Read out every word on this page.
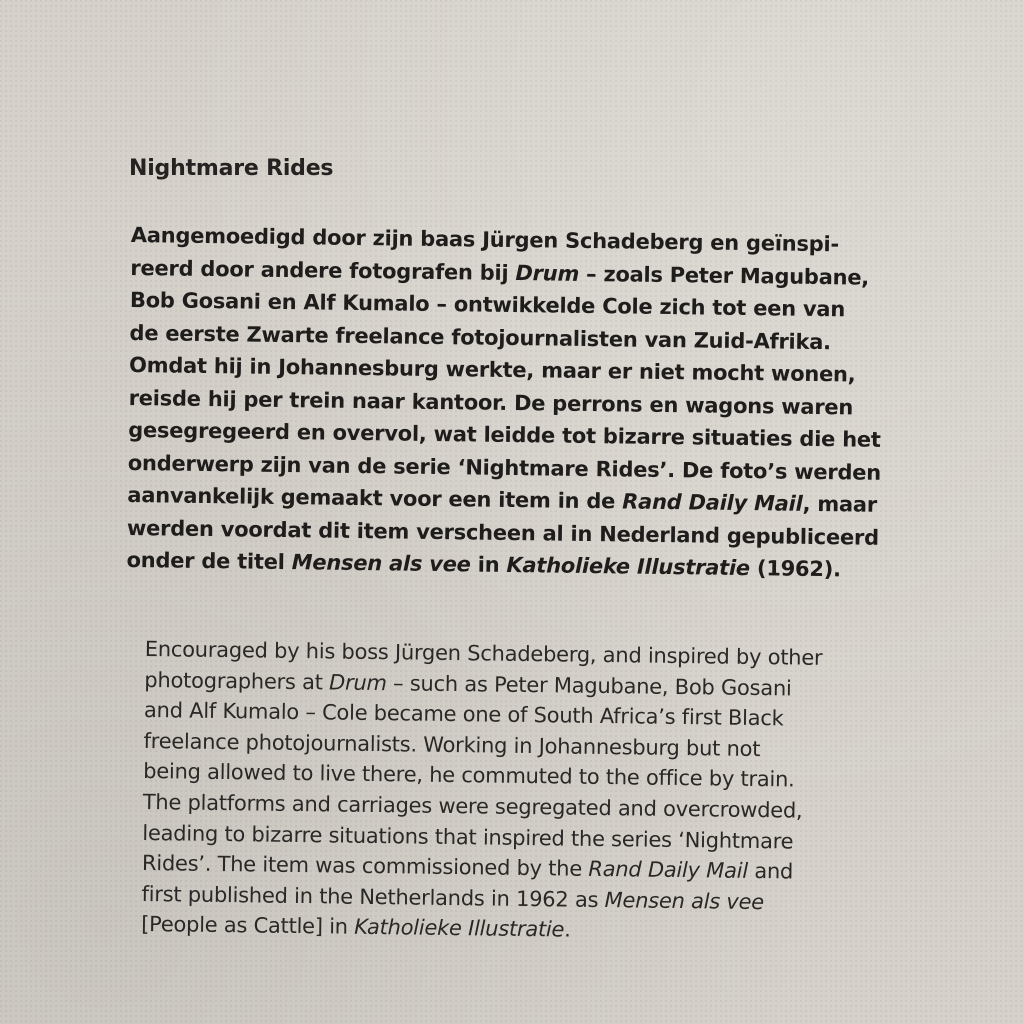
Nightmare Rides
Aangemoedigd door zijn baas Jürgen Schadeberg en geïnspi-
reerd door andere fotografen bij Drum – zoals Peter Magubane,
Bob Gosani en Alf Kumalo – ontwikkelde Cole zich tot een van
de eerste Zwarte freelance fotojournalisten van Zuid-Afrika.
Omdat hij in Johannesburg werkte, maar er niet mocht wonen,
reisde hij per trein naar kantoor. De perrons en wagons waren
gesegregeerd en overvol, wat leidde tot bizarre situaties die het
onderwerp zijn van de serie ‘Nightmare Rides’. De foto’s werden
aanvankelijk gemaakt voor een item in de Rand Daily Mail, maar
werden voordat dit item verscheen al in Nederland gepubliceerd
onder de titel Mensen als vee in Katholieke Illustratie (1962).
Encouraged by his boss Jürgen Schadeberg, and inspired by other
photographers at Drum – such as Peter Magubane, Bob Gosani
and Alf Kumalo – Cole became one of South Africa’s first Black
freelance photojournalists. Working in Johannesburg but not
being allowed to live there, he commuted to the office by train.
The platforms and carriages were segregated and overcrowded,
leading to bizarre situations that inspired the series ‘Nightmare
Rides’. The item was commissioned by the Rand Daily Mail and
first published in the Netherlands in 1962 as Mensen als vee
[People as Cattle] in Katholieke Illustratie.
